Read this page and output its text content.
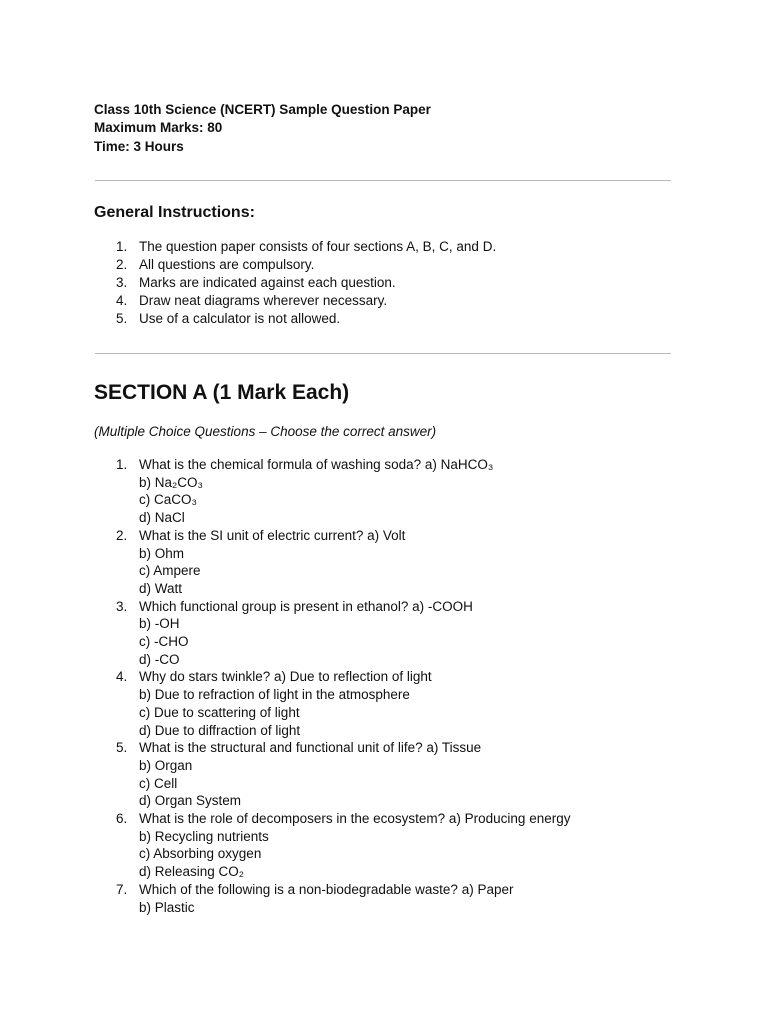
Class 10th Science (NCERT) Sample Question Paper
Maximum Marks: 80
Time: 3 Hours
General Instructions:
1. The question paper consists of four sections A, B, C, and D.
2. All questions are compulsory.
3. Marks are indicated against each question.
4. Draw neat diagrams wherever necessary.
5. Use of a calculator is not allowed.
SECTION A (1 Mark Each)
(Multiple Choice Questions – Choose the correct answer)
1. What is the chemical formula of washing soda? a) NaHCO₃
b) Na₂CO₃
c) CaCO₃
d) NaCl
2. What is the SI unit of electric current? a) Volt
b) Ohm
c) Ampere
d) Watt
3. Which functional group is present in ethanol? a) -COOH
b) -OH
c) -CHO
d) -CO
4. Why do stars twinkle? a) Due to reflection of light
b) Due to refraction of light in the atmosphere
c) Due to scattering of light
d) Due to diffraction of light
5. What is the structural and functional unit of life? a) Tissue
b) Organ
c) Cell
d) Organ System
6. What is the role of decomposers in the ecosystem? a) Producing energy
b) Recycling nutrients
c) Absorbing oxygen
d) Releasing CO₂
7. Which of the following is a non-biodegradable waste? a) Paper
b) Plastic
